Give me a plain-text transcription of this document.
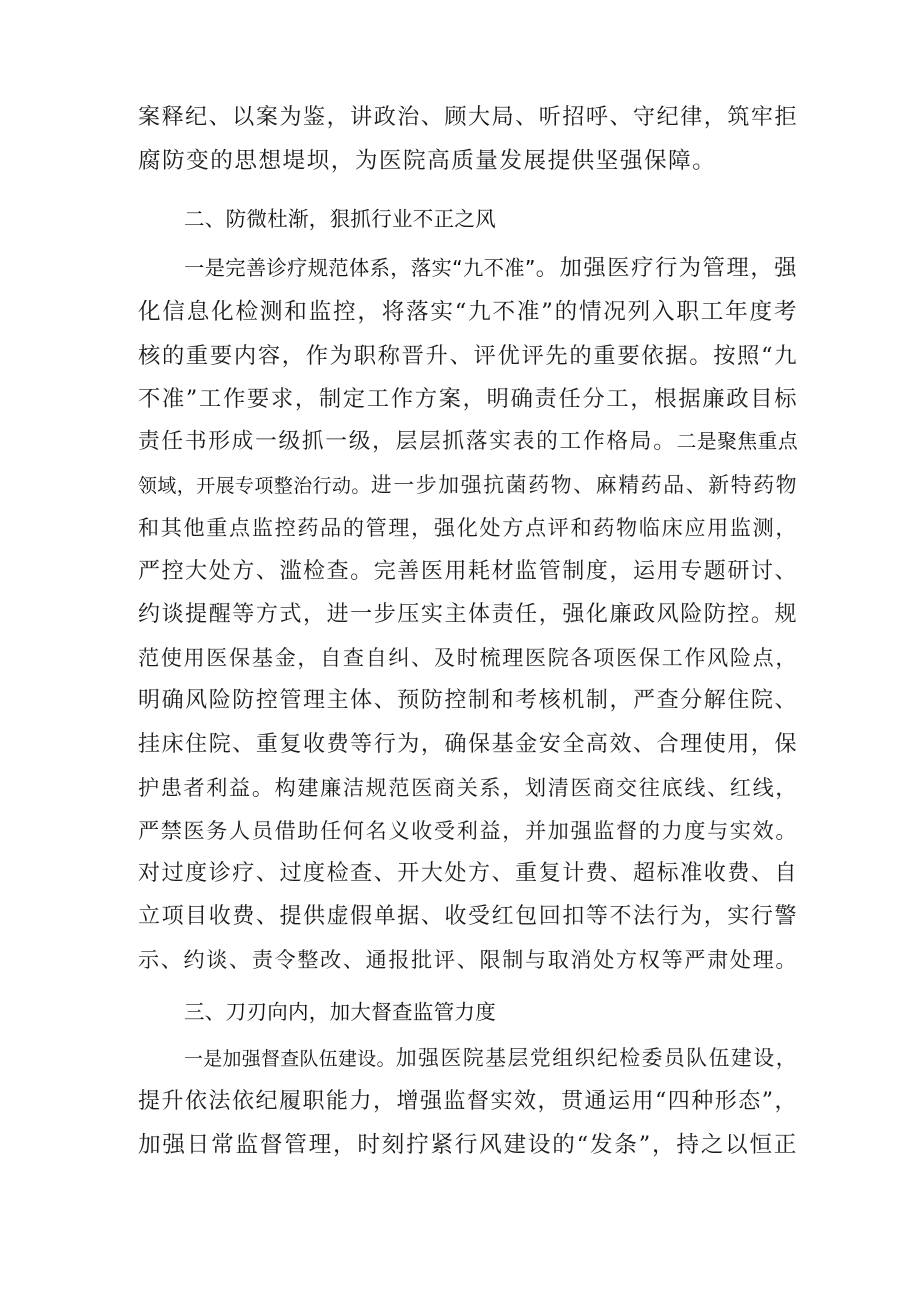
案释纪、以案为鉴，讲政治、顾大局、听招呼、守纪律，筑牢拒
腐防变的思想堤坝，为医院高质量发展提供坚强保障。
二、防微杜渐，狠抓行业不正之风
一是完善诊疗规范体系，落实“九不准”。加强医疗行为管理，强
化信息化检测和监控，将落实“九不准”的情况列入职工年度考
核的重要内容，作为职称晋升、评优评先的重要依据。按照“九
不准”工作要求，制定工作方案，明确责任分工，根据廉政目标
责任书形成一级抓一级，层层抓落实表的工作格局。二是聚焦重点
领域，开展专项整治行动。进一步加强抗菌药物、麻精药品、新特药物
和其他重点监控药品的管理，强化处方点评和药物临床应用监测，
严控大处方、滥检查。完善医用耗材监管制度，运用专题研讨、
约谈提醒等方式，进一步压实主体责任，强化廉政风险防控。规
范使用医保基金，自查自纠、及时梳理医院各项医保工作风险点，
明确风险防控管理主体、预防控制和考核机制，严查分解住院、
挂床住院、重复收费等行为，确保基金安全高效、合理使用，保
护患者利益。构建廉洁规范医商关系，划清医商交往底线、红线，
严禁医务人员借助任何名义收受利益，并加强监督的力度与实效。
对过度诊疗、过度检查、开大处方、重复计费、超标准收费、自
立项目收费、提供虚假单据、收受红包回扣等不法行为，实行警
示、约谈、责令整改、通报批评、限制与取消处方权等严肃处理。
三、刀刃向内，加大督查监管力度
一是加强督查队伍建设。加强医院基层党组织纪检委员队伍建设，
提升依法依纪履职能力，增强监督实效，贯通运用“四种形态”，
加强日常监督管理，时刻拧紧行风建设的“发条”，持之以恒正
